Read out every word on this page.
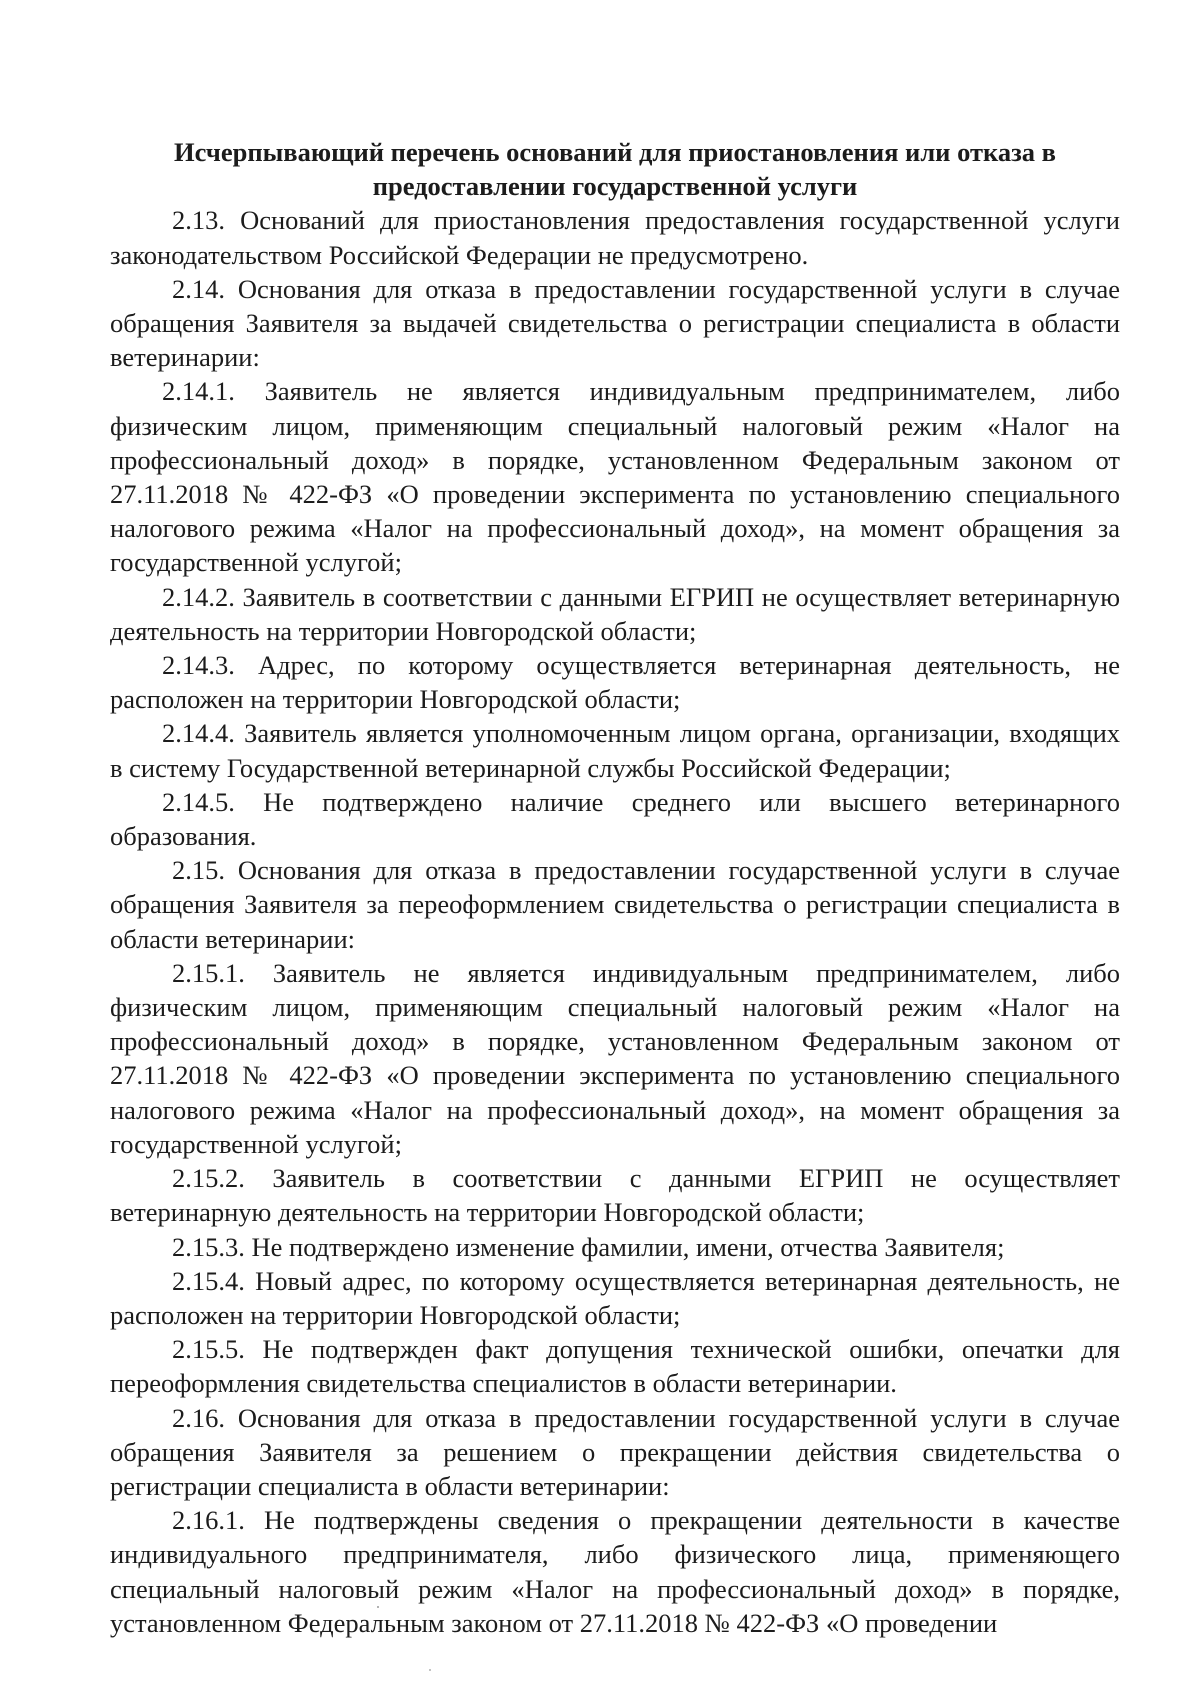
Исчерпывающий перечень оснований для приостановления или отказа в предоставлении государственной услуги

2.13. Оснований для приостановления предоставления государственной услуги законодательством Российской Федерации не предусмотрено.

2.14. Основания для отказа в предоставлении государственной услуги в случае обращения Заявителя за выдачей свидетельства о регистрации специалиста в области ветеринарии:

2.14.1. Заявитель не является индивидуальным предпринимателем, либо физическим лицом, применяющим специальный налоговый режим «Налог на профессиональный доход» в порядке, установленном Федеральным законом от 27.11.2018 № 422-ФЗ «О проведении эксперимента по установлению специального налогового режима «Налог на профессиональный доход», на момент обращения за государственной услугой;

2.14.2. Заявитель в соответствии с данными ЕГРИП не осуществляет ветеринарную деятельность на территории Новгородской области;

2.14.3. Адрес, по которому осуществляется ветеринарная деятельность, не расположен на территории Новгородской области;

2.14.4. Заявитель является уполномоченным лицом органа, организации, входящих в систему Государственной ветеринарной службы Российской Федерации;

2.14.5. Не подтверждено наличие среднего или высшего ветеринарного образования.

2.15. Основания для отказа в предоставлении государственной услуги в случае обращения Заявителя за переоформлением свидетельства о регистрации специалиста в области ветеринарии:

2.15.1. Заявитель не является индивидуальным предпринимателем, либо физическим лицом, применяющим специальный налоговый режим «Налог на профессиональный доход» в порядке, установленном Федеральным законом от 27.11.2018 № 422-ФЗ «О проведении эксперимента по установлению специального налогового режима «Налог на профессиональный доход», на момент обращения за государственной услугой;

2.15.2. Заявитель в соответствии с данными ЕГРИП не осуществляет ветеринарную деятельность на территории Новгородской области;

2.15.3. Не подтверждено изменение фамилии, имени, отчества Заявителя;

2.15.4. Новый адрес, по которому осуществляется ветеринарная деятельность, не расположен на территории Новгородской области;

2.15.5. Не подтвержден факт допущения технической ошибки, опечатки для переоформления свидетельства специалистов в области ветеринарии.

2.16. Основания для отказа в предоставлении государственной услуги в случае обращения Заявителя за решением о прекращении действия свидетельства о регистрации специалиста в области ветеринарии:

2.16.1. Не подтверждены сведения о прекращении деятельности в качестве индивидуального предпринимателя, либо физического лица, применяющего специальный налоговый режим «Налог на профессиональный доход» в порядке, установленном Федеральным законом от 27.11.2018 № 422-ФЗ «О проведении
